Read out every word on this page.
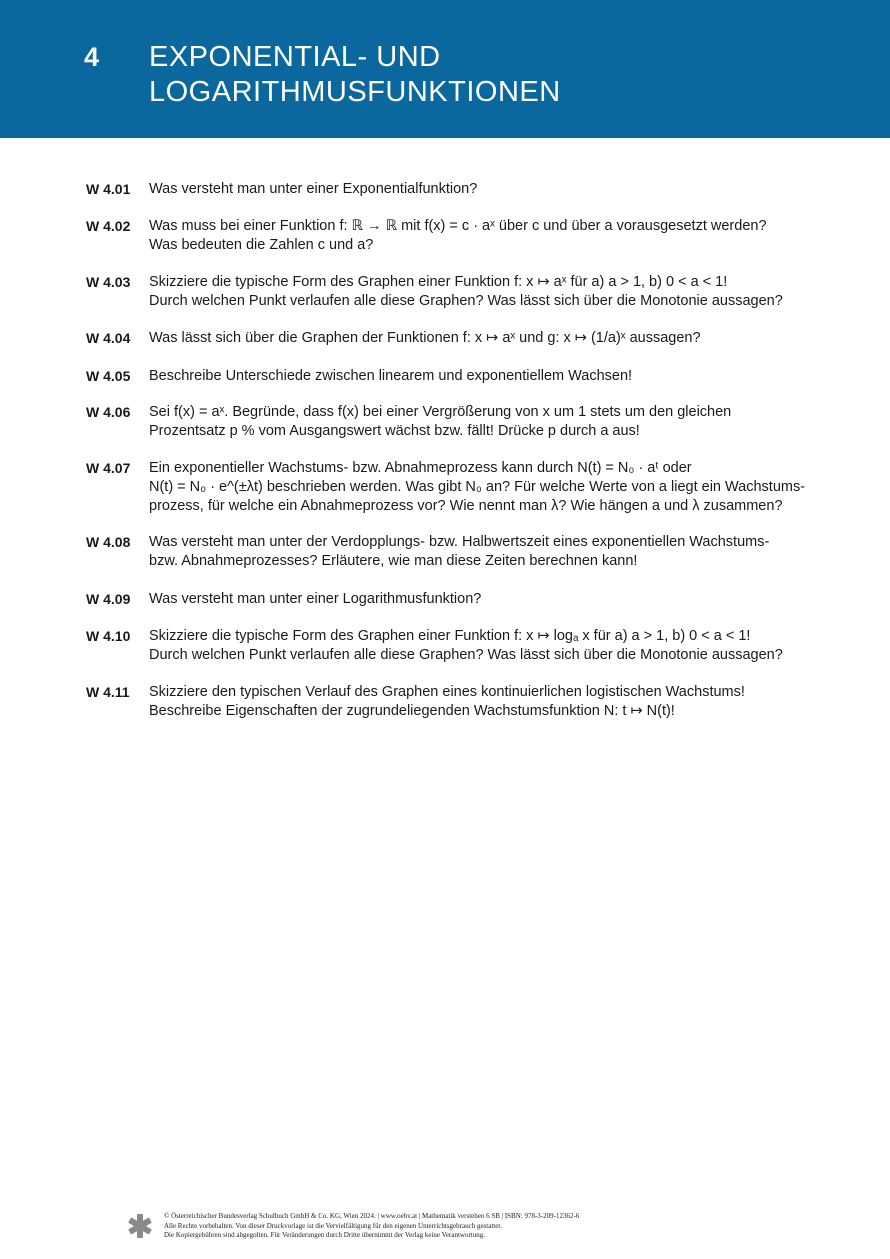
4 EXPONENTIAL- UND
LOGARITHMUSFUNKTIONEN
W 4.01	Was versteht man unter einer Exponentialfunktion?
W 4.02	Was muss bei einer Funktion f: ℝ → ℝ mit f(x) = c · aˣ über c und über a vorausgesetzt werden?
Was bedeuten die Zahlen c und a?
W 4.03	Skizziere die typische Form des Graphen einer Funktion f: x ↦ aˣ für a) a > 1, b) 0 < a < 1!
Durch welchen Punkt verlaufen alle diese Graphen? Was lässt sich über die Monotonie aussagen?
W 4.04	Was lässt sich über die Graphen der Funktionen f: x ↦ aˣ und g: x ↦ (1/a)ˣ aussagen?
W 4.05	Beschreibe Unterschiede zwischen linearem und exponentiellem Wachsen!
W 4.06	Sei f(x) = aˣ. Begründe, dass f(x) bei einer Vergrößerung von x um 1 stets um den gleichen
Prozentsatz p % vom Ausgangswert wächst bzw. fällt! Drücke p durch a aus!
W 4.07	Ein exponentieller Wachstums- bzw. Abnahmeprozess kann durch N(t) = N₀ · aᵗ oder
N(t) = N₀ · e^(±λt) beschrieben werden. Was gibt N₀ an? Für welche Werte von a liegt ein Wachstums-
prozess, für welche ein Abnahmeprozess vor? Wie nennt man λ? Wie hängen a und λ zusammen?
W 4.08	Was versteht man unter der Verdopplungs- bzw. Halbwertszeit eines exponentiellen Wachstums-
bzw. Abnahmeprozesses? Erläutere, wie man diese Zeiten berechnen kann!
W 4.09	Was versteht man unter einer Logarithmusfunktion?
W 4.10	Skizziere die typische Form des Graphen einer Funktion f: x ↦ logₐ x für a) a > 1, b) 0 < a < 1!
Durch welchen Punkt verlaufen alle diese Graphen? Was lässt sich über die Monotonie aussagen?
W 4.11	Skizziere den typischen Verlauf des Graphen eines kontinuierlichen logistischen Wachstums!
Beschreibe Eigenschaften der zugrundeliegenden Wachstumsfunktion N: t ↦ N(t)!
© Österreichischer Bundesverlag Schulbuch GmbH & Co. KG, Wien 2024. | www.oebv.at | Mathematik verstehen 6 SB | ISBN: 978-3-209-12362-6
Alle Rechte vorbehalten. Von dieser Druckvorlage ist die Vervielfältigung für den eigenen Unterrichtsgebrauch gestattet.
Die Kopiergebühren sind abgegolten. Für Veränderungen durch Dritte übernimmt der Verlag keine Verantwortung.
